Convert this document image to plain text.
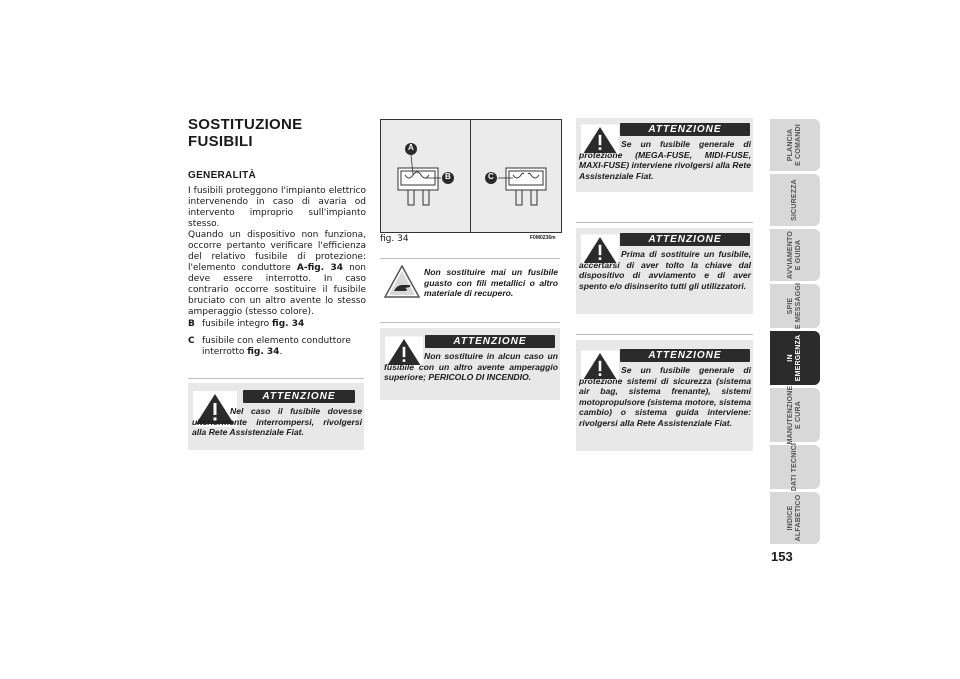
SOSTITUZIONE
FUSIBILI
GENERALITÀ
I fusibili proteggono l'impianto elettrico intervenendo in caso di avaria od intervento improprio sull'impianto stesso.
Quando un dispositivo non funziona, occorre pertanto verificare l'efficienza del relativo fusibile di protezione: l'elemento conduttore A-fig. 34 non deve essere interrotto. In caso contrario occorre sostituire il fusibile bruciato con un altro avente lo stesso amperaggio (stesso colore).
B fusibile integro fig. 34
C fusibile con elemento conduttore interrotto fig. 34.
ATTENZIONE
Nel caso il fusibile dovesse ulteriormente interrompersi, rivolgersi alla Rete Assistenziale Fiat.
A
B	C
fig. 34	F0M0236m
Non sostituire mai un fusibile guasto con fili metallici o altro materiale di recupero.
ATTENZIONE
Non sostituire in alcun caso un fusibile con un altro avente amperaggio superiore; PERICOLO DI INCENDIO.
ATTENZIONE
Se un fusibile generale di protezione (MEGA-FUSE, MIDI-FUSE, MAXI-FUSE) interviene rivolgersi alla Rete Assistenziale Fiat.
ATTENZIONE
Prima di sostituire un fusibile, accertarsi di aver tolto la chiave dal dispositivo di avviamento e di aver spento e/o disinserito tutti gli utilizzatori.
ATTENZIONE
Se un fusibile generale di protezione sistemi di sicurezza (sistema air bag, sistema frenante), sistemi motopropulsore (sistema motore, sistema cambio) o sistema guida interviene: rivolgersi alla Rete Assistenziale Fiat.
PLANCIA E COMANDI
SICUREZZA
AVVIAMENTO E GUIDA
SPIE E MESSAGGI
IN EMERGENZA
MANUTENZIONE E CURA
DATI TECNICI
INDICE ALFABETICO
153
